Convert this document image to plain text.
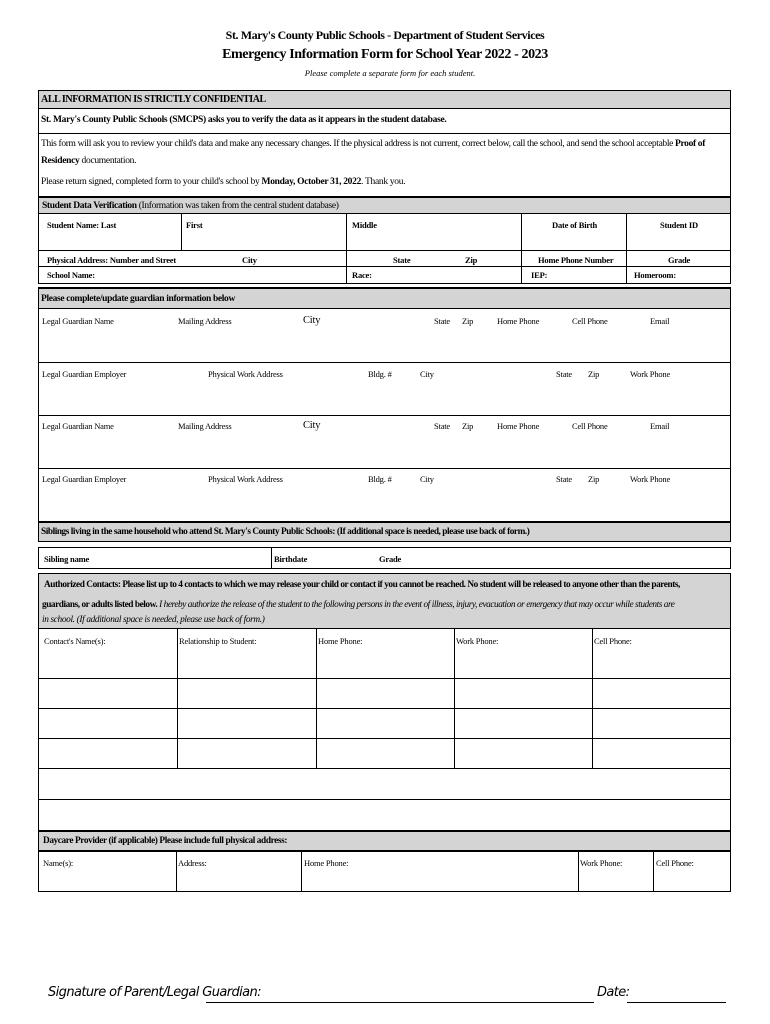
St. Mary's County Public Schools - Department of Student Services
Emergency Information Form for School Year 2022 - 2023
Please complete a separate form for each student.
ALL INFORMATION IS STRICTLY CONFIDENTIAL
St. Mary's County Public Schools (SMCPS) asks you to verify the data as it appears in the student database.
This form will ask you to review your child's data and make any necessary changes. If the physical address is not current, correct below, call the school, and send the school acceptable Proof of
Residency documentation.
Please return signed, completed form to your child's school by Monday, October 31, 2022. Thank you.
Student Data Verification (Information was taken from the central student database)
Student Name: Last	First	Middle	Date of Birth	Student ID
Physical Address: Number and Street	City	State	Zip	Home Phone Number	Grade
School Name:	Race:	IEP:	Homeroom:
Please complete/update guardian information below
Legal Guardian Name	Mailing Address	City	State Zip	Home Phone	Cell Phone	Email
Legal Guardian Employer	Physical Work Address	Bldg. #	City	State Zip	Work Phone
Legal Guardian Name	Mailing Address	City	State Zip	Home Phone	Cell Phone	Email
Legal Guardian Employer	Physical Work Address	Bldg. #	City	State Zip	Work Phone
Siblings living in the same household who attend St. Mary's County Public Schools: (If additional space is needed, please use back of form.)
Sibling name	Birthdate	Grade
Authorized Contacts: Please list up to 4 contacts to which we may release your child or contact if you cannot be reached. No student will be released to anyone other than the parents,
guardians, or adults listed below. I hereby authorize the release of the student to the following persons in the event of illness, injury, evacuation or emergency that may occur while students are
in school. (If additional space is needed, please use back of form.)
Contact's Name(s):	Relationship to Student:	Home Phone:	Work Phone:	Cell Phone:
Daycare Provider (if applicable) Please include full physical address:
Name(s):	Address:	Home Phone:	Work Phone:	Cell Phone:
Signature of Parent/Legal Guardian:	Date:
